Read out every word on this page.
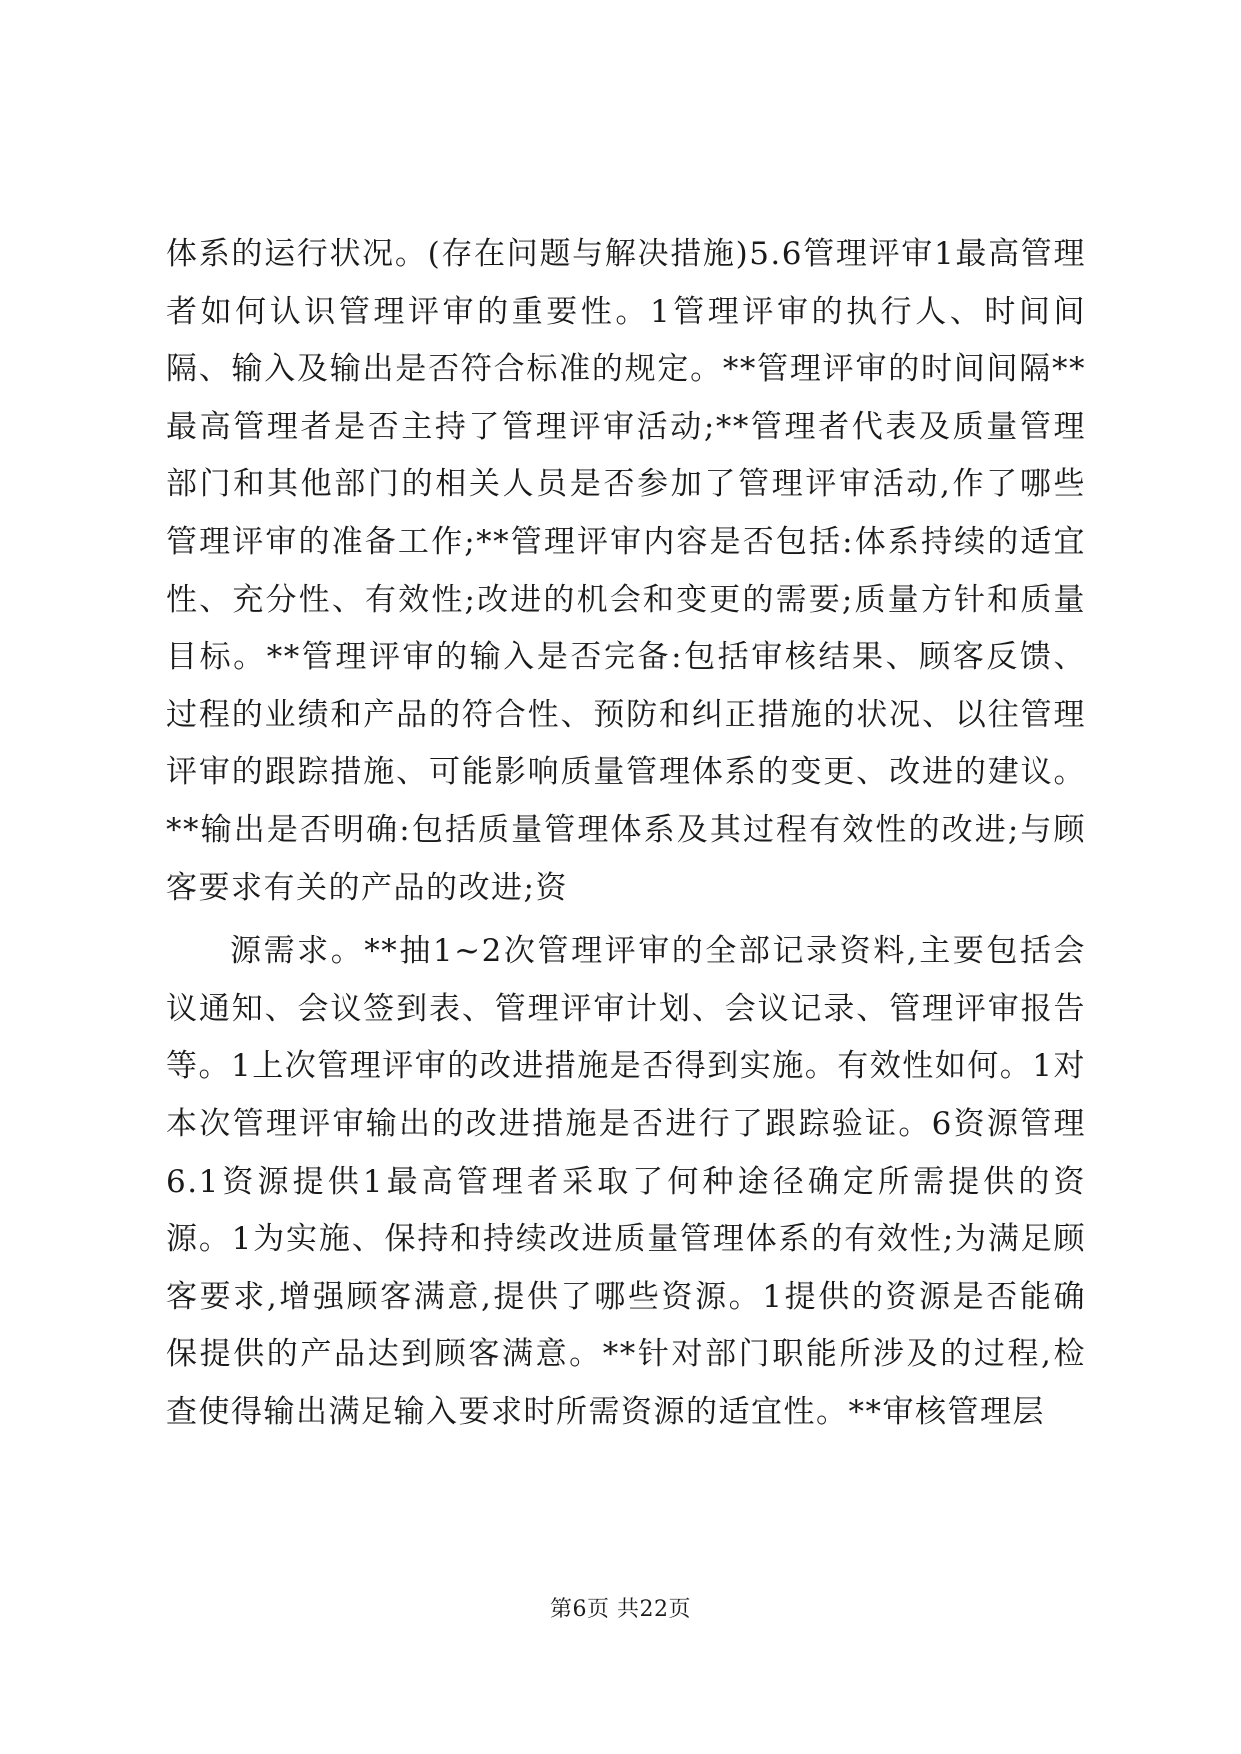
体系的运行状况。(存在问题与解决措施)5.6管理评审1最高管理者如何认识管理评审的重要性。1管理评审的执行人、时间间隔、输入及输出是否符合标准的规定。**管理评审的时间间隔**最高管理者是否主持了管理评审活动;**管理者代表及质量管理部门和其他部门的相关人员是否参加了管理评审活动,作了哪些管理评审的准备工作;**管理评审内容是否包括:体系持续的适宜性、充分性、有效性;改进的机会和变更的需要;质量方针和质量目标。**管理评审的输入是否完备:包括审核结果、顾客反馈、过程的业绩和产品的符合性、预防和纠正措施的状况、以往管理评审的跟踪措施、可能影响质量管理体系的变更、改进的建议。**输出是否明确:包括质量管理体系及其过程有效性的改进;与顾客要求有关的产品的改进;资

源需求。**抽1~2次管理评审的全部记录资料,主要包括会议通知、会议签到表、管理评审计划、会议记录、管理评审报告等。1上次管理评审的改进措施是否得到实施。有效性如何。1对本次管理评审输出的改进措施是否进行了跟踪验证。6资源管理6.1资源提供1最高管理者采取了何种途径确定所需提供的资源。1为实施、保持和持续改进质量管理体系的有效性;为满足顾客要求,增强顾客满意,提供了哪些资源。1提供的资源是否能确保提供的产品达到顾客满意。**针对部门职能所涉及的过程,检查使得输出满足输入要求时所需资源的适宜性。**审核管理层

第6页 共22页
